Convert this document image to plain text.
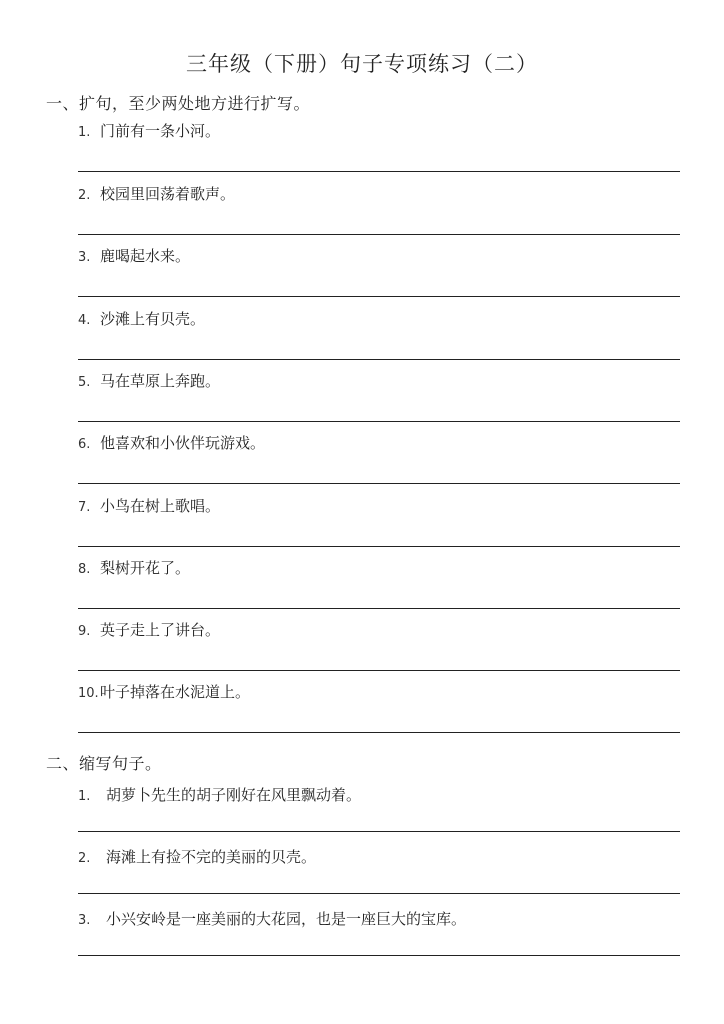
三年级（下册）句子专项练习（二）
一、扩句，至少两处地方进行扩写。
1. 门前有一条小河。
2. 校园里回荡着歌声。
3. 鹿喝起水来。
4. 沙滩上有贝壳。
5. 马在草原上奔跑。
6. 他喜欢和小伙伴玩游戏。
7. 小鸟在树上歌唱。
8. 梨树开花了。
9. 英子走上了讲台。
10.叶子掉落在水泥道上。
二、缩写句子。
1. 胡萝卜先生的胡子刚好在风里飘动着。
2. 海滩上有捡不完的美丽的贝壳。
3. 小兴安岭是一座美丽的大花园，也是一座巨大的宝库。
